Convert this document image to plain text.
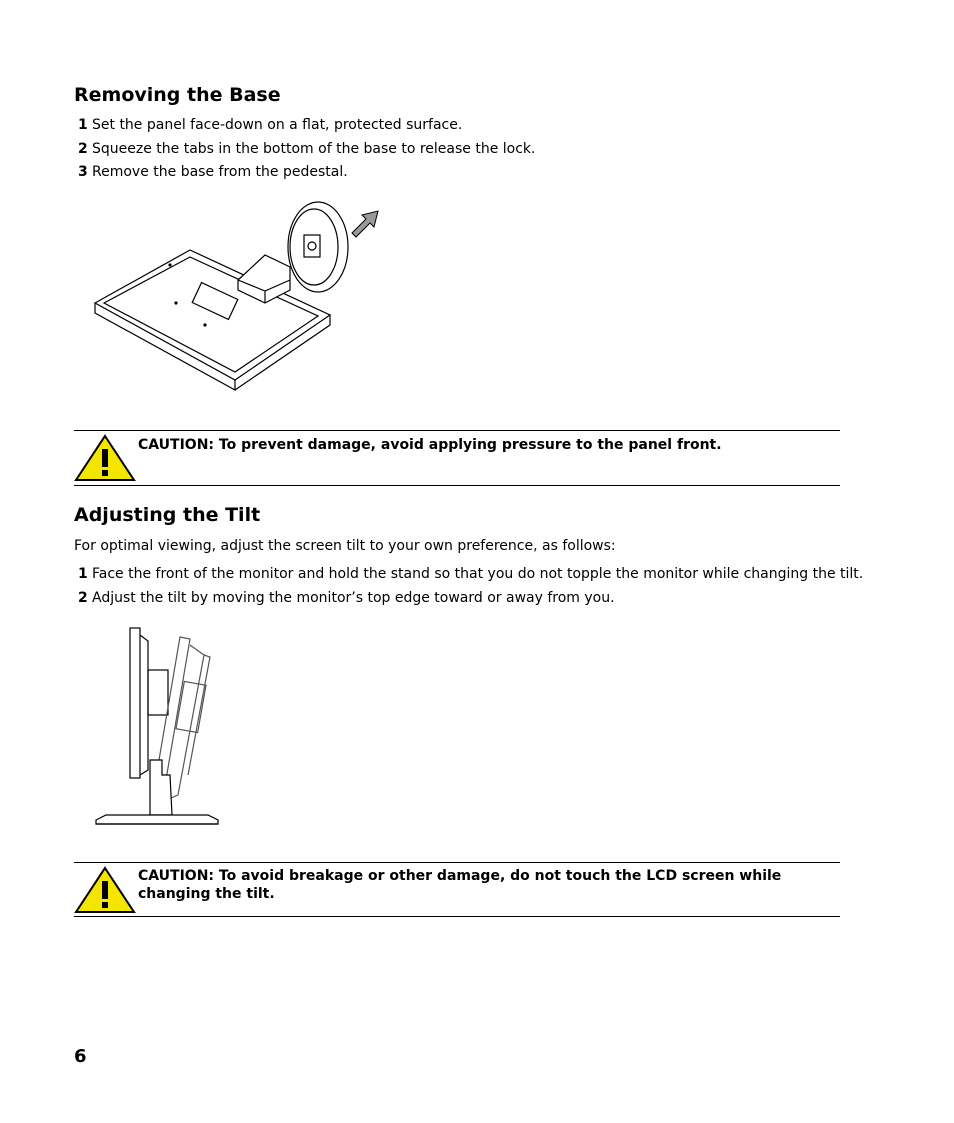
Removing the Base
1 Set the panel face-down on a flat, protected surface.
2 Squeeze the tabs in the bottom of the base to release the lock.
3 Remove the base from the pedestal.
CAUTION: To prevent damage, avoid applying pressure to the panel front.
Adjusting the Tilt
For optimal viewing, adjust the screen tilt to your own preference, as follows:
1 Face the front of the monitor and hold the stand so that you do not topple the monitor while changing the tilt.
2 Adjust the tilt by moving the monitor’s top edge toward or away from you.
CAUTION: To avoid breakage or other damage, do not touch the LCD screen while changing the tilt.
6
